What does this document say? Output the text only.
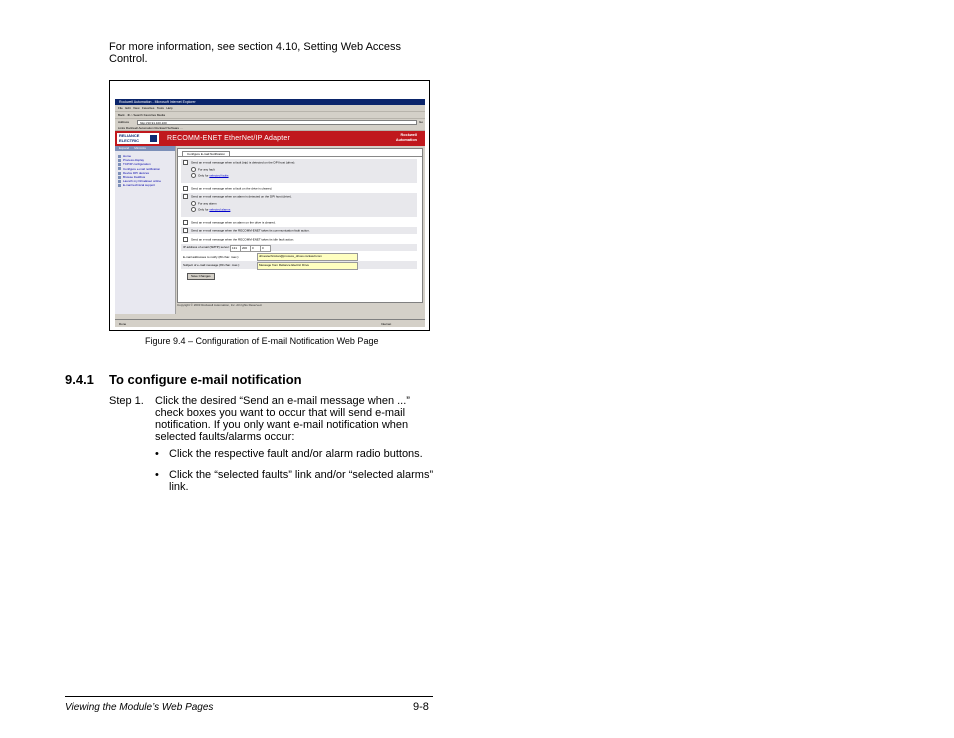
For more information, see section 4.10, Setting Web Access
Control.
Rockwell Automation - Microsoft Internet Explorer
File Edit View Favorites Tools Help
Back · ⊗ ⌂ Search Favorites Media
Address	http://10.91.100.100	Go
Links Rockwell Automation Rockwell Software ...
RELIANCE ELECTRIC	RECOMM-ENET EtherNet/IP Adapter	Rockwell
Automation
Expand Minimize
Home
Process display
TCP/IP configuration
Configure e-mail notification
Device DPI devices
Browse Fieldbus
Launch my DriveExec online
E-mail technical support
Configure E-mail Notification
Send an e-mail message when a fault (trip) is detected on the DPI host (drive).
For any fault
Only for selected faults
Send an e-mail message when a fault on the drive is cleared.
Send an e-mail message when an alarm is detected on the DPI host (drive).
For any alarm
Only for selected alarms
Send an e-mail message when an alarm on the drive is cleared.
Send an e-mail message when the RECOMM-ENET takes its communication fault action.
Send an e-mail message when the RECOMM-ENET takes its idle fault action.
IP address of email (SMTP) server: 131	200	0	0
E-mail addresses to notify (80 char. max.):	drivestechnician@process_drives.rockwell.com
Subject of e-mail message (80 char. max.):	Message from Reliance Electric Drive
Save Changes
Copyright © 2003 Rockwell Automation, Inc. All rights Reserved.
Done	Internet
Figure 9.4 – Configuration of E-mail Notification Web Page
9.4.1 To configure e-mail notification
Step 1. Click the desired “Send an e-mail message when ...”
check boxes you want to occur that will send e-mail
notification. If you only want e-mail notification when
selected faults/alarms occur:
• Click the respective fault and/or alarm radio buttons.
• Click the “selected faults” link and/or “selected alarms”
link.
Viewing the Module’s Web Pages	9-8
